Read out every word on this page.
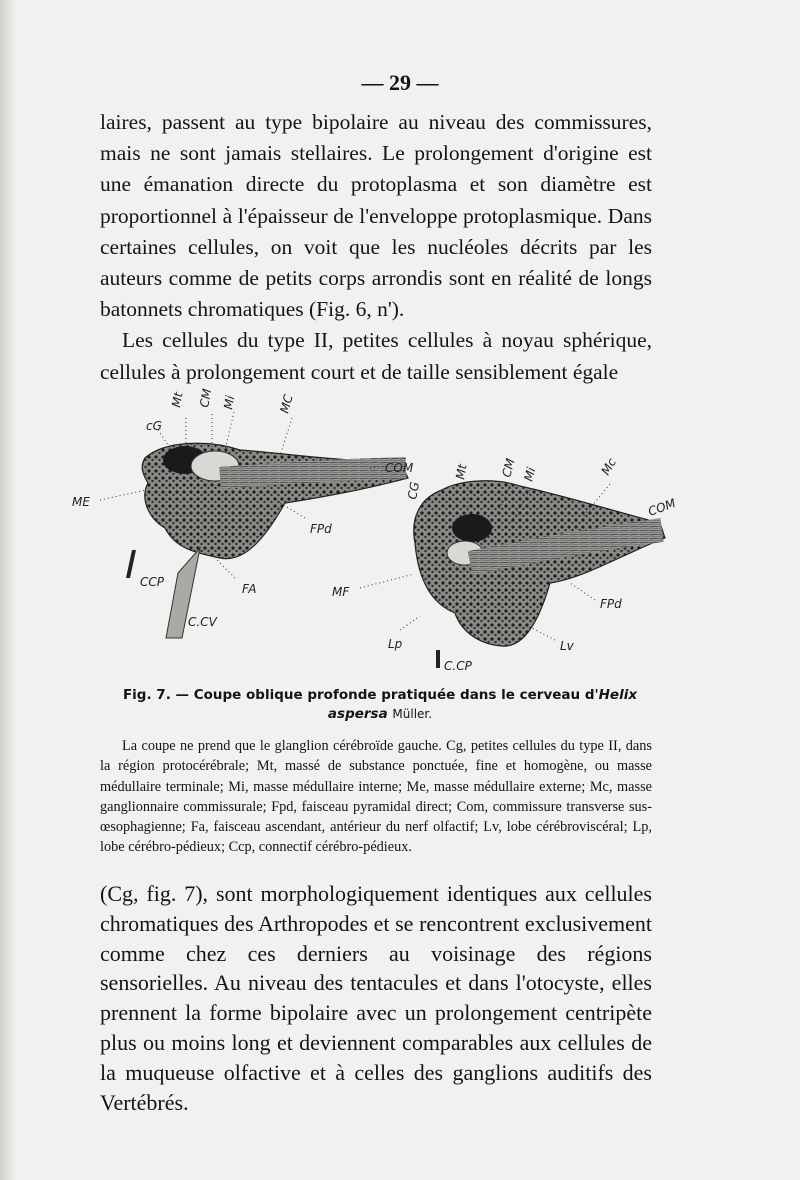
— 29 —

laires, passent au type bipolaire au niveau des commissures, mais ne sont jamais stellaires. Le prolongement d'origine est une émanation directe du protoplasma et son diamètre est proportionnel à l'épaisseur de l'enveloppe protoplasmique. Dans certaines cellules, on voit que les nucléoles décrits par les auteurs comme de petits corps arrondis sont en réalité de longs batonnets chromatiques (Fig. 6, n').

Les cellules du type II, petites cellules à noyau sphérique, cellules à prolongement court et de taille sensiblement égale

cG
Mt CM Mi	MC
ME
COM
FPd
CCP	FA
C.CV
CG
Mt CM Mi	Mc
COM
MF
FPd
Lp	Lv
C.CP
Fig. 7. — Coupe oblique profonde pratiquée dans le cerveau d'Helix
aspersa Müller.

La coupe ne prend que le glanglion cérébroïde gauche. Cg, petites cellules du type II, dans la région protocérébrale; Mt, massé de substance ponctuée, fine et homogène, ou masse médullaire terminale; Mi, masse médullaire interne; Me, masse médullaire externe; Mc, masse ganglionnaire commissurale; Fpd, faisceau pyramidal direct; Com, commissure transverse sus-œsophagienne; Fa, faisceau ascendant, antérieur du nerf olfactif; Lv, lobe cérébroviscéral; Lp, lobe cérébro-pédieux; Ccp, connectif cérébro-pédieux.

(Cg, fig. 7), sont morphologiquement identiques aux cellules chromatiques des Arthropodes et se rencontrent exclusivement comme chez ces derniers au voisinage des régions sensorielles. Au niveau des tentacules et dans l'otocyste, elles prennent la forme bipolaire avec un prolongement centripète plus ou moins long et deviennent comparables aux cellules de la muqueuse olfactive et à celles des ganglions auditifs des Vertébrés.
